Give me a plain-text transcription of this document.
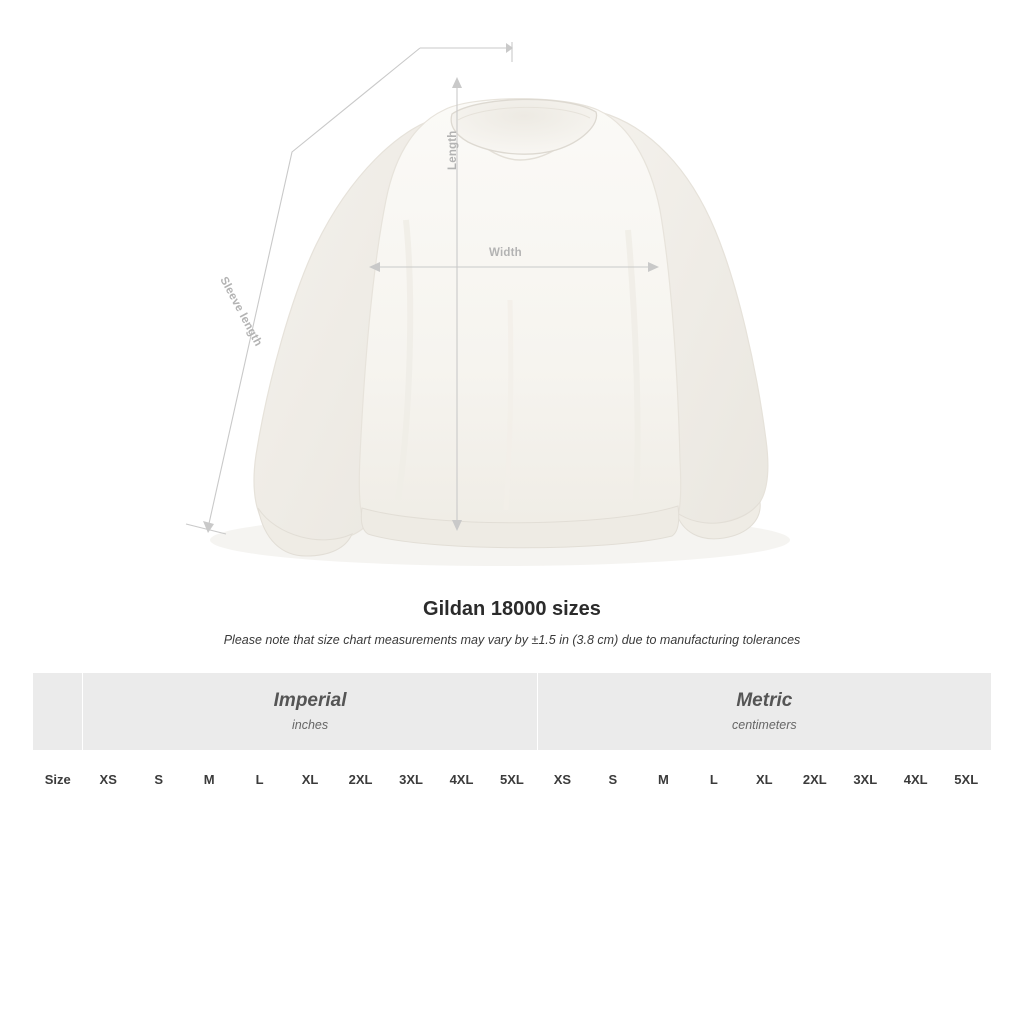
Length
Width
Sleeve length
Gildan 18000 sizes
Please note that size chart measurements may vary by ±1.5 in (3.8 cm) due to manufacturing tolerances

Imperial
inches

Metric
centimeters

Size	XS	S	M	L	XL	2XL	3XL	4XL	5XL	XS	S	M	L	XL	2XL	3XL	4XL	5XL
